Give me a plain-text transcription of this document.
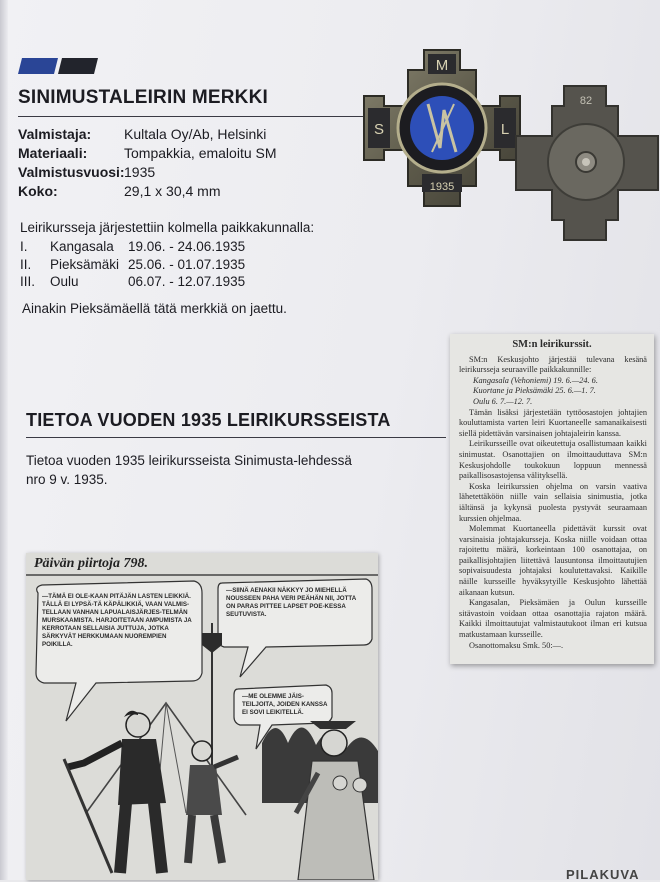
SINIMUSTALEIRIN MERKKI
Valmistaja:	Kultala Oy/Ab, Helsinki
Materiaali:	Tompakkia, emaloitu SM
Valmistusvuosi: 1935
Koko:	29,1 x 30,4 mm
Leirikursseja järjestettiin kolmella paikkakunnalla:
I.	Kangasala	19.06. - 24.06.1935
II.	Pieksämäki 25.06. - 01.07.1935
III.	Oulu	06.07. - 12.07.1935
Ainakin Pieksämäellä tätä merkkiä on jaettu.
M
S	L
1935
82
TIETOA VUODEN 1935 LEIRIKURSSEISTA
Tietoa vuoden 1935 leirikursseista Sinimusta-lehdessä
nro 9 v. 1935.
SM:n leirikurssit.

SM:n Keskusjohto järjestää tulevana kesänä leirikursseja seuraaville paikkakunnille:

Kangasala (Vehoniemi) 19. 6.—24. 6.

Kuortane ja Pieksämäki 25. 6.—1. 7.

Oulu 6. 7.—12. 7.

Tämän lisäksi järjestetään tyttöosastojen johtajien kouluttamista varten leiri Kuortaneelle samanaikaisesti siellä pidettävän varsinaisen johtajaleirin kanssa.

Leirikursseille ovat oikeutettuja osallistumaan kaikki sinimustat. Osanottajien on ilmoittauduttava SM:n Keskusjohdolle toukokuun loppuun mennessä paikallisosastojensa välityksellä.

Koska leirikurssien ohjelma on varsin vaativa lähetettäköön niille vain sellaisia sinimustia, jotka iältänsä ja kykynsä puolesta pystyvät seuraamaan kurssien ohjelmaa.

Molemmat Kuortaneella pidettävät kurssit ovat varsinaisia johtajakursseja. Koska niille voidaan ottaa rajoitettu määrä, korkeintaan 100 osanottajaa, on paikallisjohtajien liitettävä lausuntonsa ilmoittautujien sopivaisuudesta johtajaksi koulutettavaksi. Kaikille näille kursseille hyväksytyille Keskusjohto lähettää aikanaan kutsun.

Kangasalan, Pieksämäen ja Oulun kursseille sitävastoin voidaan ottaa osanottajia rajaton määrä. Kaikki ilmoittautujat valmistautukoot ilman eri kutsua matkustamaan kursseille.

Osanottomaksu Smk. 50:—.

Päivän piirtoja 798.
—TÄMÄ EI OLE-KAAN PITÄJÄN LASTEN LEIKKIÄ. TÄLLÄ EI LYPSÄ-TÄ KÄPÄLIKKIÄ, VAAN VALMIS-TELLAAN VANHAN LAPUALAISJÄRJES-TELMÄN MURSKAAMISTA. HARJOITETAAN AMPUMISTA JA KERROTAAN SELLAISIA JUTTUJA, JOTKA SÄRKYVÄT HERKKUMAAN NUOREMPIEN POIKILLA.
—SIINÄ AENAKII NÄKKYY JO MIEHELLÄ NOUSSEEN PAHA VERI PEÄHÄN NII, JOTTA ON PARAS PITTEE LAPSET POE-KESSA SEUTUVISTA.
—ME OLEMME JÄIS-TEILJOITA, JOIDEN KANSSA EI SOVI LEIKITELLÄ.
PILAKUVA
